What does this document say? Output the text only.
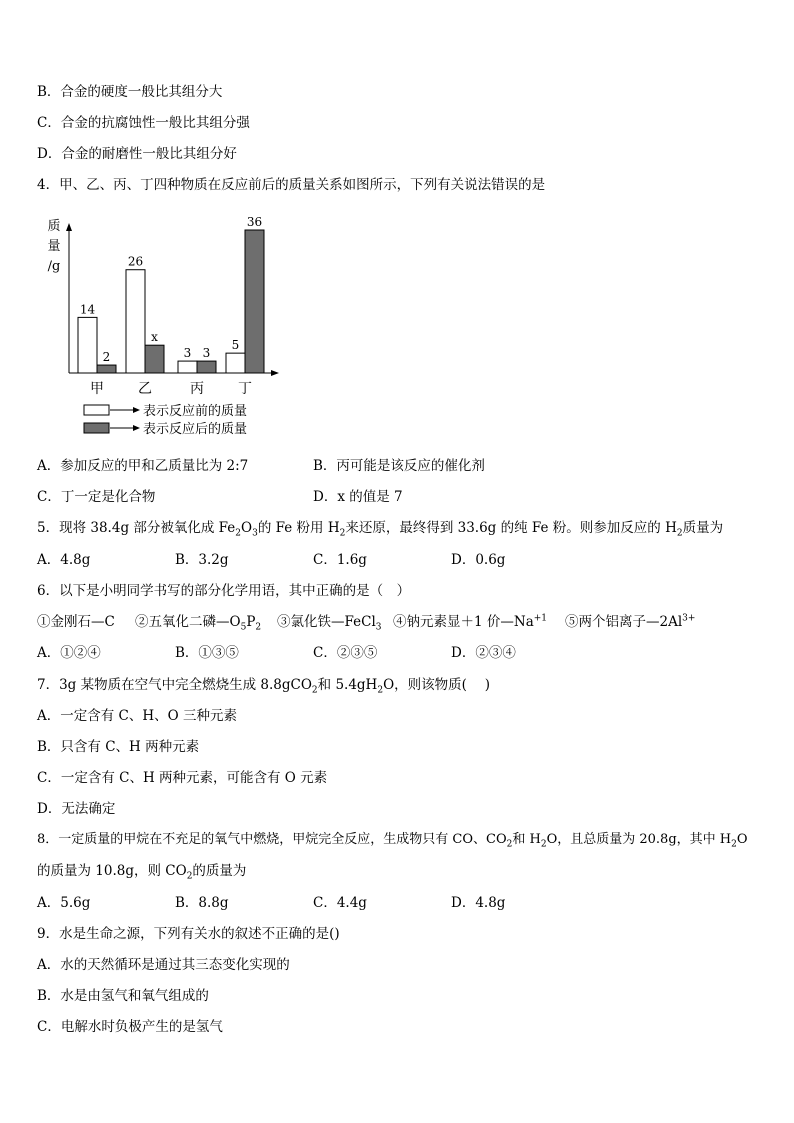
B．合金的硬度一般比其组分大
C．合金的抗腐蚀性一般比其组分强
D．合金的耐磨性一般比其组分好
4．甲、乙、丙、丁四种物质在反应前后的质量关系如图所示，下列有关说法错误的是
质
量
/g
14
2
26
x
3 3
5
36
甲 乙	丙 丁
表示反应前的质量
表示反应后的质量
A．参加反应的甲和乙质量比为 2:7	B．丙可能是该反应的催化剂
C．丁一定是化合物	D．x 的值是 7
5．现将 38.4g 部分被氧化成 $Fe_2O_3$的 Fe 粉用 $H_2$来还原，最终得到 33.6g 的纯 Fe 粉。则参加反应的 $H_2$质量为
A．4.8g	B．3.2g	C．1.6g	D．0.6g
6．以下是小明同学书写的部分化学用语，其中正确的是（　）
①金刚石—C ②五氧化二磷$—O_5P_2$ ③氯化铁—FeCl$_3$ ④钠元素显＋1 价$—Na^{+1}$ ⑤两个铝离子$—2Al^{3+}$
A．①②④	B．①③⑤	C．②③⑤	D．②③④
7．3g 某物质在空气中完全燃烧生成 8.8gCO$_2$和 $5.4gH_2O$，则该物质(　 )
A．一定含有 C、H、O 三种元素
B．只含有 C、H 两种元素
C．一定含有 C、H 两种元素，可能含有 O 元素
D．无法确定
8．一定质量的甲烷在不充足的氧气中燃烧，甲烷完全反应，生成物只有 CO、$CO_2$和 $H_2O$，且总质量为 20.8g，其中 $H_2O$
的质量为 10.8g，则 $CO_2$的质量为
A．5.6g	B．8.8g	C．4.4g	D．4.8g
9．水是生命之源，下列有关水的叙述不正确的是()
A．水的天然循环是通过其三态变化实现的
B．水是由氢气和氧气组成的
C．电解水时负极产生的是氢气
